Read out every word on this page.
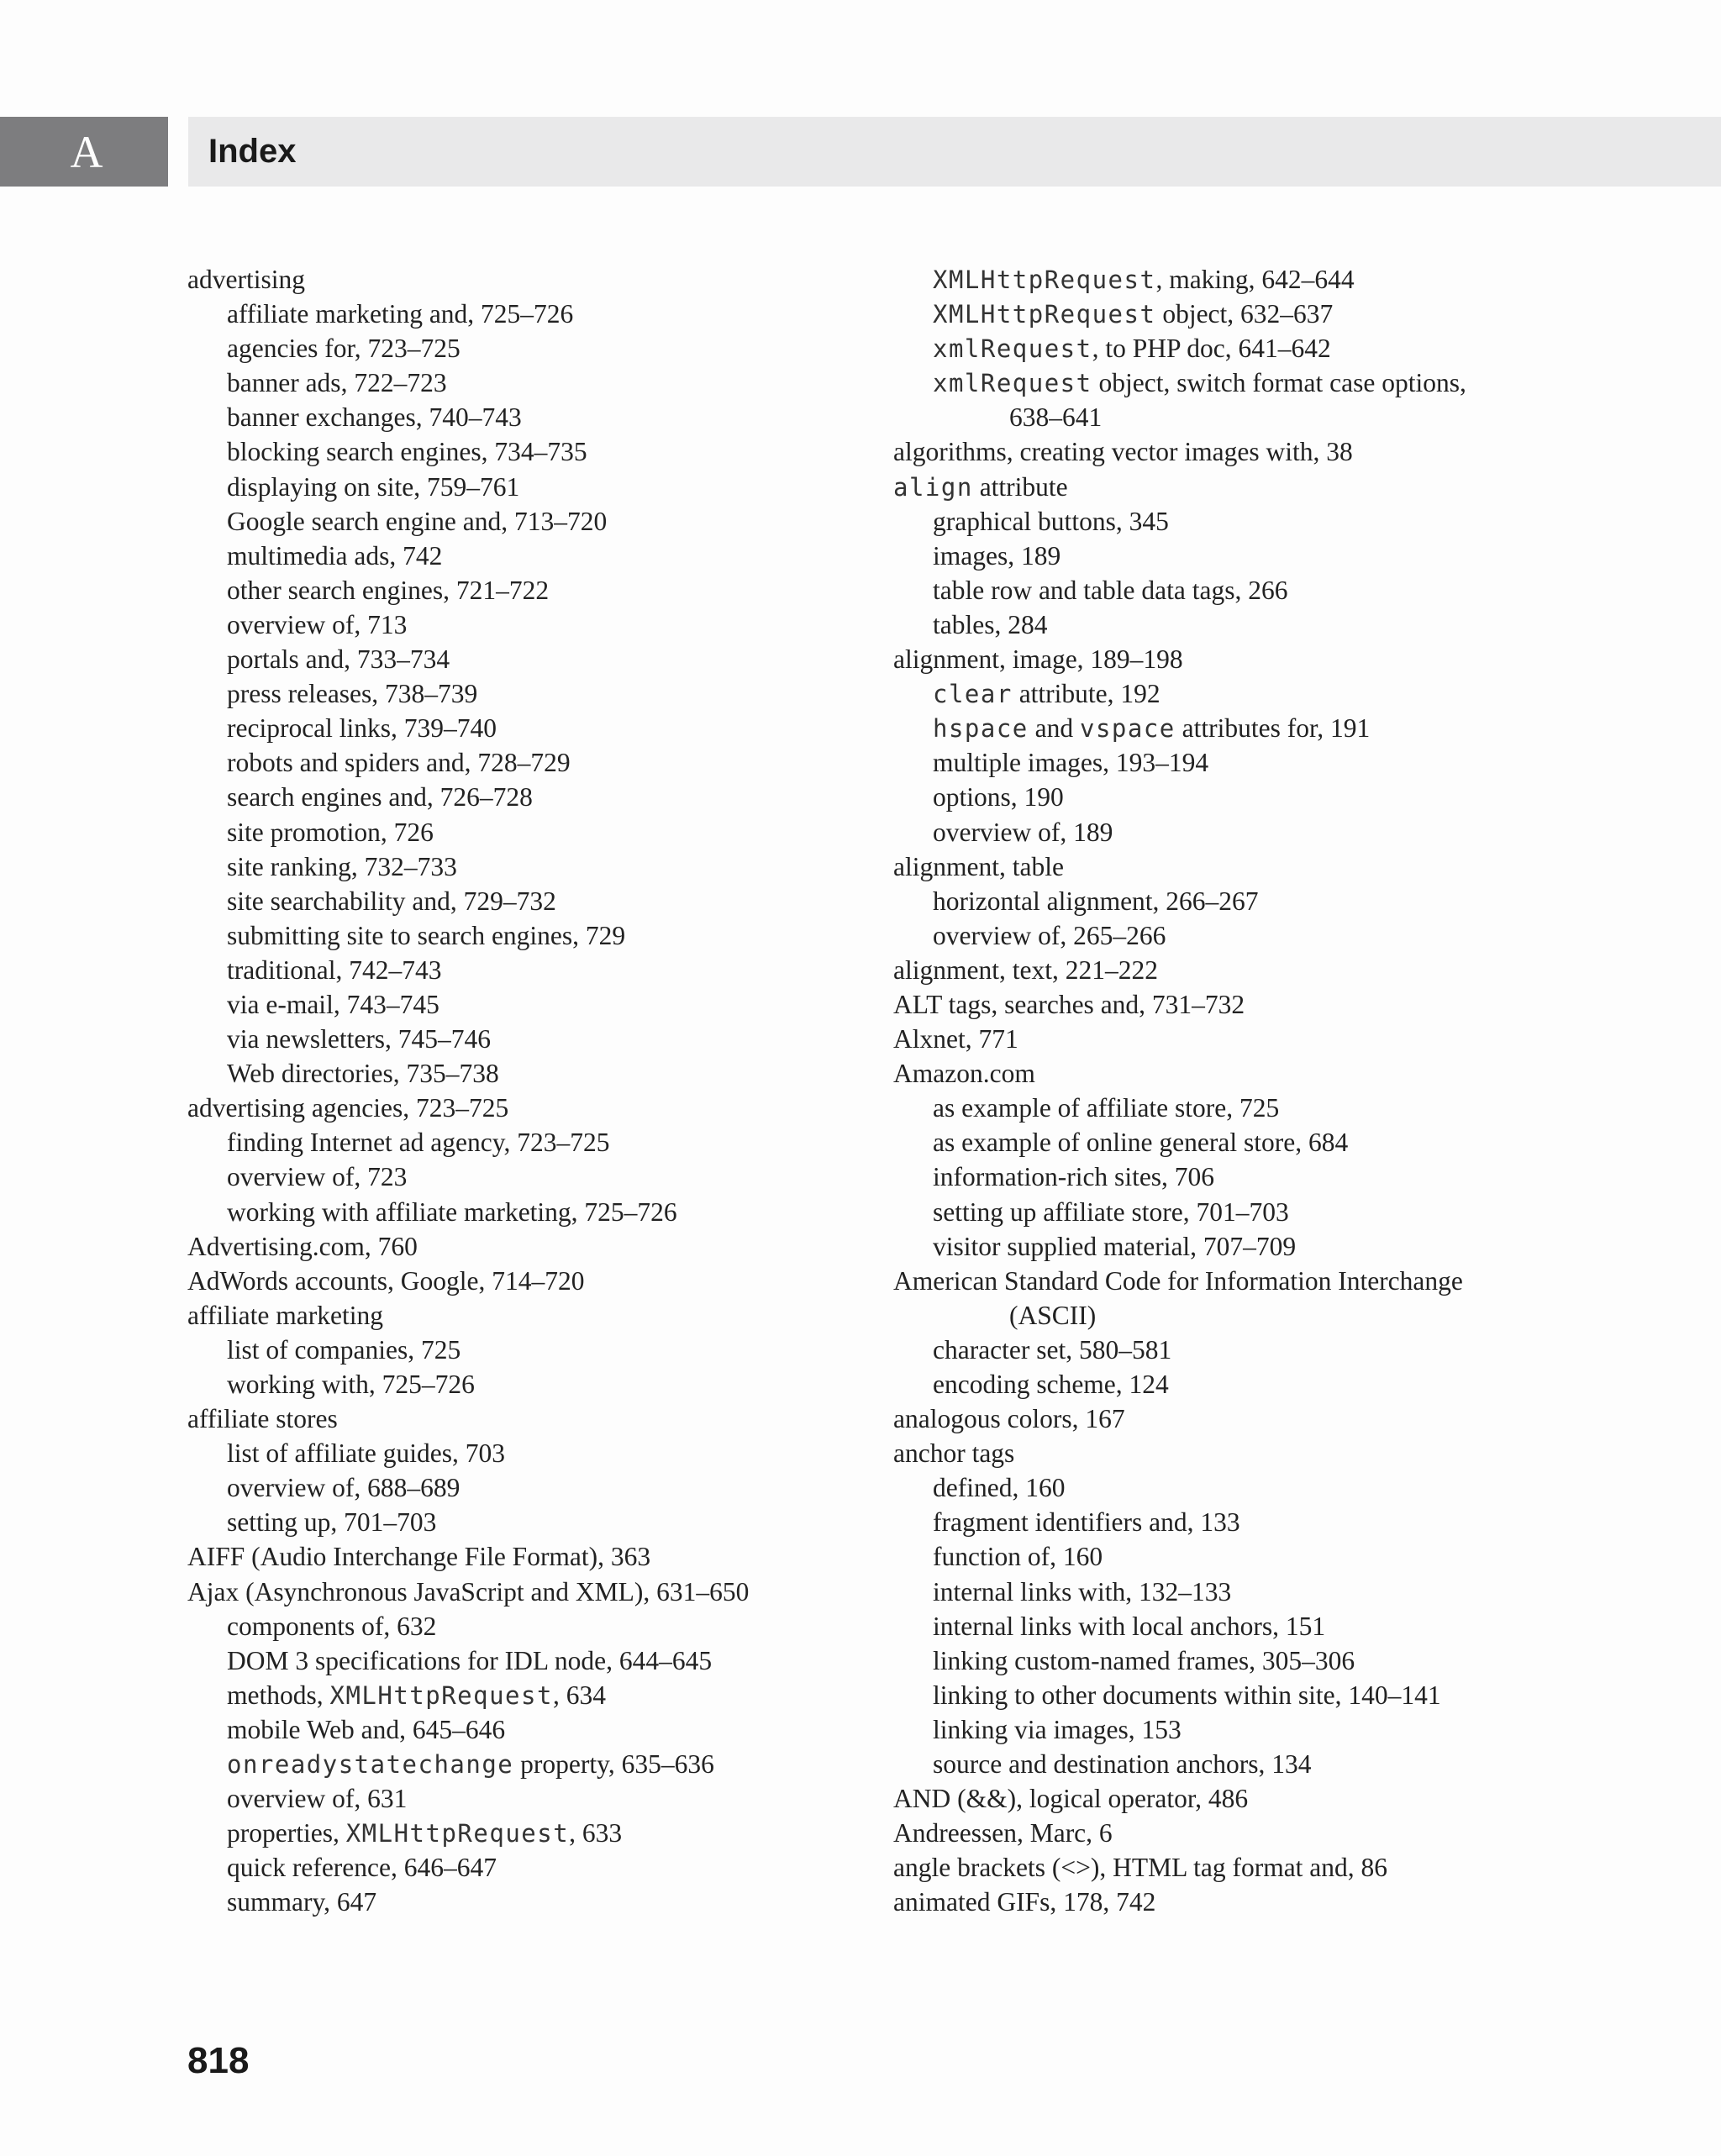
A	Index
advertising
affiliate marketing and, 725–726
agencies for, 723–725
banner ads, 722–723
banner exchanges, 740–743
blocking search engines, 734–735
displaying on site, 759–761
Google search engine and, 713–720
multimedia ads, 742
other search engines, 721–722
overview of, 713
portals and, 733–734
press releases, 738–739
reciprocal links, 739–740
robots and spiders and, 728–729
search engines and, 726–728
site promotion, 726
site ranking, 732–733
site searchability and, 729–732
submitting site to search engines, 729
traditional, 742–743
via e-mail, 743–745
via newsletters, 745–746
Web directories, 735–738
advertising agencies, 723–725
finding Internet ad agency, 723–725
overview of, 723
working with affiliate marketing, 725–726
Advertising.com, 760
AdWords accounts, Google, 714–720
affiliate marketing
list of companies, 725
working with, 725–726
affiliate stores
list of affiliate guides, 703
overview of, 688–689
setting up, 701–703
AIFF (Audio Interchange File Format), 363
Ajax (Asynchronous JavaScript and XML), 631–650
components of, 632
DOM 3 specifications for IDL node, 644–645
methods, XMLHttpRequest, 634
mobile Web and, 645–646
onreadystatechange property, 635–636
overview of, 631
properties, XMLHttpRequest, 633
quick reference, 646–647
summary, 647
XMLHttpRequest, making, 642–644
XMLHttpRequest object, 632–637
xmlRequest, to PHP doc, 641–642
xmlRequest object, switch format case options,
638–641
algorithms, creating vector images with, 38
align attribute
graphical buttons, 345
images, 189
table row and table data tags, 266
tables, 284
alignment, image, 189–198
clear attribute, 192
hspace and vspace attributes for, 191
multiple images, 193–194
options, 190
overview of, 189
alignment, table
horizontal alignment, 266–267
overview of, 265–266
alignment, text, 221–222
ALT tags, searches and, 731–732
Alxnet, 771
Amazon.com
as example of affiliate store, 725
as example of online general store, 684
information-rich sites, 706
setting up affiliate store, 701–703
visitor supplied material, 707–709
American Standard Code for Information Interchange
(ASCII)
character set, 580–581
encoding scheme, 124
analogous colors, 167
anchor tags
defined, 160
fragment identifiers and, 133
function of, 160
internal links with, 132–133
internal links with local anchors, 151
linking custom-named frames, 305–306
linking to other documents within site, 140–141
linking via images, 153
source and destination anchors, 134
AND (&&), logical operator, 486
Andreessen, Marc, 6
angle brackets (<>), HTML tag format and, 86
animated GIFs, 178, 742
818
